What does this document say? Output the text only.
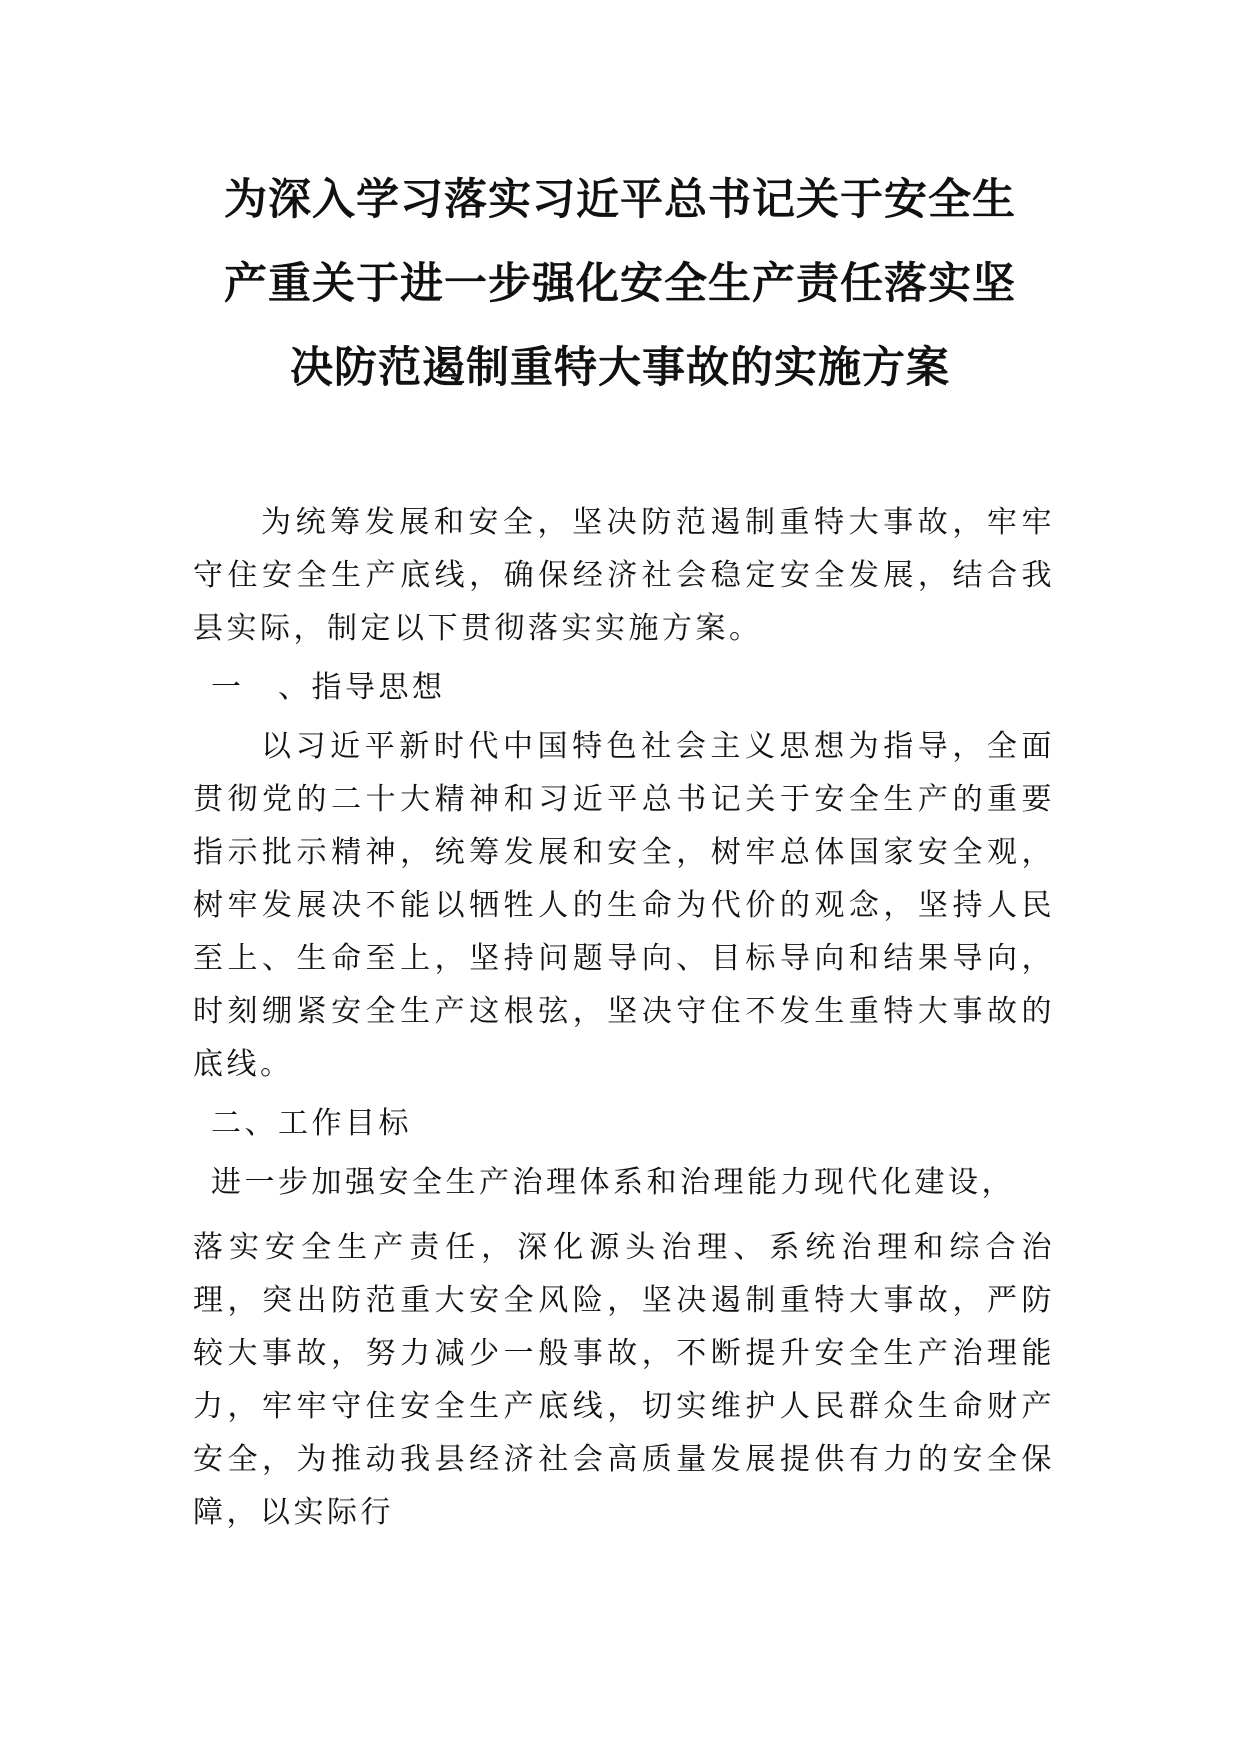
为深入学习落实习近平总书记关于安全生
产重关于进一步强化安全生产责任落实坚
决防范遏制重特大事故的实施方案

为统筹发展和安全，坚决防范遏制重特大事故，牢牢守住安全生产底线，确保经济社会稳定安全发展，结合我县实际，制定以下贯彻落实实施方案。

一　、指导思想

以习近平新时代中国特色社会主义思想为指导，全面贯彻党的二十大精神和习近平总书记关于安全生产的重要指示批示精神，统筹发展和安全，树牢总体国家安全观，树牢发展决不能以牺牲人的生命为代价的观念，坚持人民至上、生命至上，坚持问题导向、目标导向和结果导向，时刻绷紧安全生产这根弦，坚决守住不发生重特大事故的底线。

二、工作目标
进一步加强安全生产治理体系和治理能力现代化建设，

落实安全生产责任，深化源头治理、系统治理和综合治理，突出防范重大安全风险，坚决遏制重特大事故，严防较大事故，努力减少一般事故，不断提升安全生产治理能力，牢牢守住安全生产底线，切实维护人民群众生命财产安全，为推动我县经济社会高质量发展提供有力的安全保障，以实际行
